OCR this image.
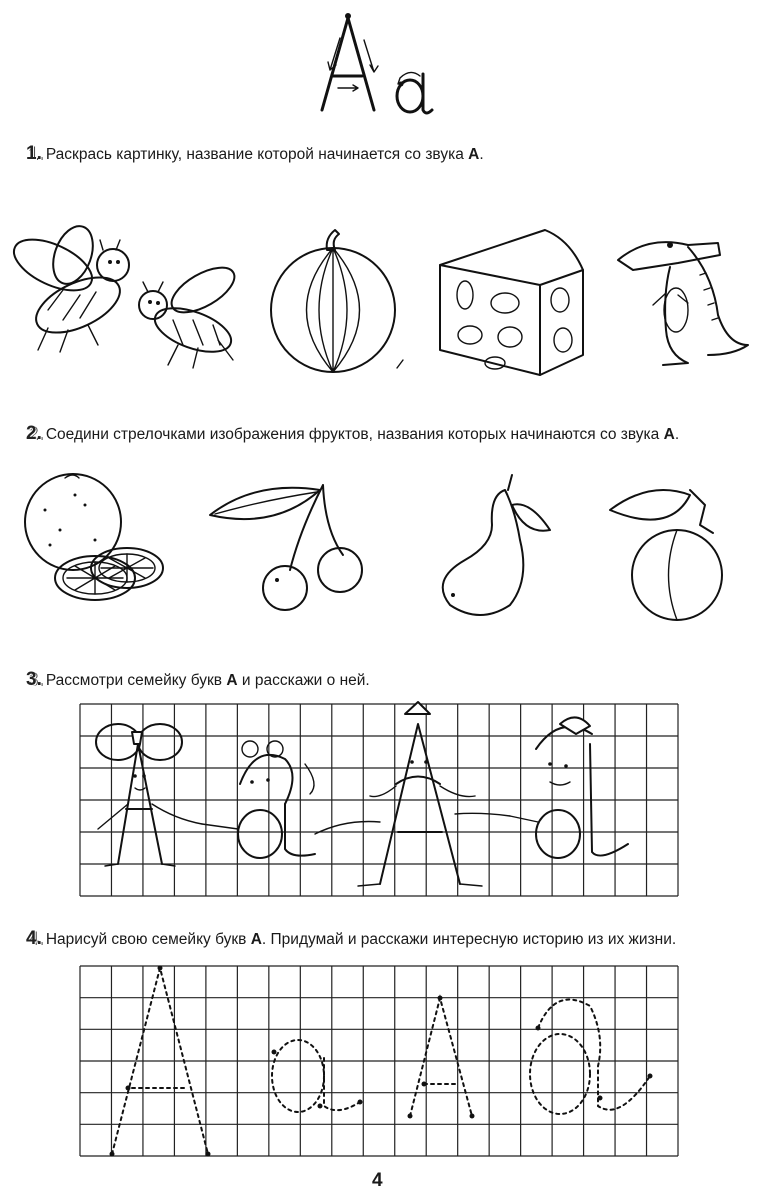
1. Раскрась картинку, название которой начинается со звука А.
2. Соедини стрелочками изображения фруктов, названия которых начинаются со звука А.
3. Рассмотри семейку букв А и расскажи о ней.
4. Нарисуй свою семейку букв А. Придумай и расскажи интересную историю из их жизни.
4
